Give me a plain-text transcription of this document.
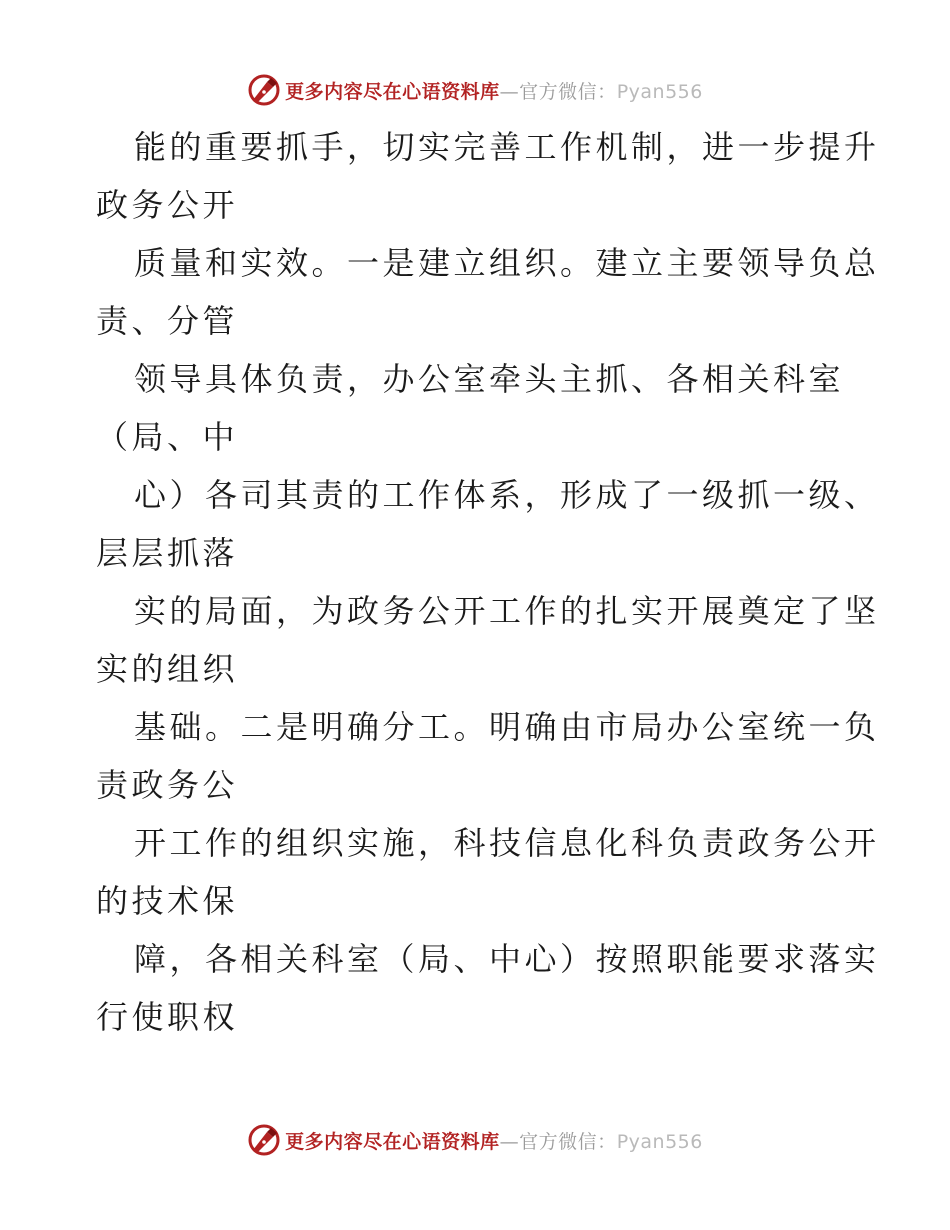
更多内容尽在心语资料库—官方微信：Pyan556
能的重要抓手，切实完善工作机制，进一步提升
政务公开
质量和实效。一是建立组织。建立主要领导负总
责、分管
领导具体负责，办公室牵头主抓、各相关科室
（局、中
心）各司其责的工作体系，形成了一级抓一级、
层层抓落
实的局面，为政务公开工作的扎实开展奠定了坚
实的组织
基础。二是明确分工。明确由市局办公室统一负
责政务公
开工作的组织实施，科技信息化科负责政务公开
的技术保
障，各相关科室（局、中心）按照职能要求落实
行使职权
更多内容尽在心语资料库—官方微信：Pyan556
